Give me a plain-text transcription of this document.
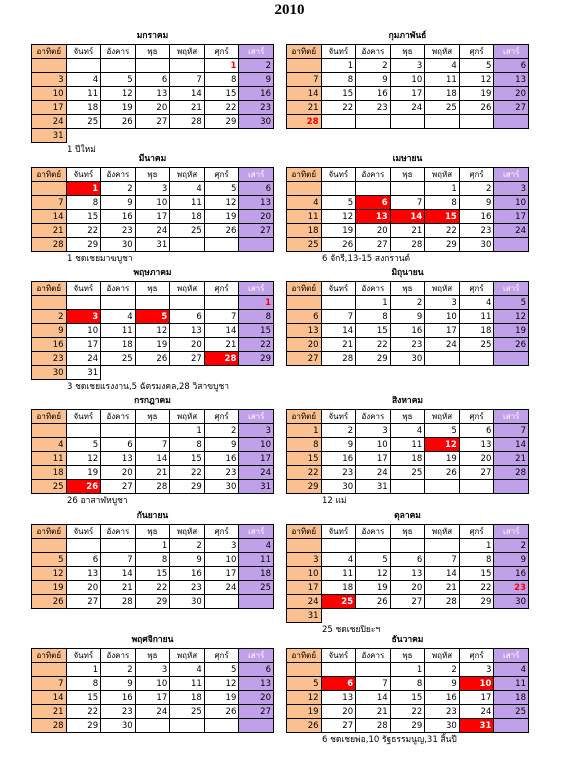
2010
มกราคม
อาทิตย์	จันทร์	อังคาร	พุธ	พฤหัส	ศุกร์	เสาร์
					1	2
3	4	5	6	7	8	9
10	11	12	13	14	15	16
17	18	19	20	21	22	23
24	25	26	27	28	29	30
31						
1 ปีใหม่
กุมภาพันธ์
อาทิตย์	จันทร์	อังคาร	พุธ	พฤหัส	ศุกร์	เสาร์
	1	2	3	4	5	6
7	8	9	10	11	12	13
14	15	16	17	18	19	20
21	22	23	24	25	26	27
28						
มีนาคม
อาทิตย์	จันทร์	อังคาร	พุธ	พฤหัส	ศุกร์	เสาร์
	1	2	3	4	5	6
7	8	9	10	11	12	13
14	15	16	17	18	19	20
21	22	23	24	25	26	27
28	29	30	31			
1 ชดเชยมาฆบูชา
เมษายน
อาทิตย์	จันทร์	อังคาร	พุธ	พฤหัส	ศุกร์	เสาร์
				1	2	3
4	5	6	7	8	9	10
11	12	13	14	15	16	17
18	19	20	21	22	23	24
25	26	27	28	29	30	
6 จักรี,13-15 สงกรานต์
พฤษภาคม
อาทิตย์	จันทร์	อังคาร	พุธ	พฤหัส	ศุกร์	เสาร์
						1
2	3	4	5	6	7	8
9	10	11	12	13	14	15
16	17	18	19	20	21	22
23	24	25	26	27	28	29
30	31					
3 ชดเชยแรงงาน,5 ฉัตรมงคล,28 วิสาขบูชา
มิถุนายน
อาทิตย์	จันทร์	อังคาร	พุธ	พฤหัส	ศุกร์	เสาร์
		1	2	3	4	5
6	7	8	9	10	11	12
13	14	15	16	17	18	19
20	21	22	23	24	25	26
27	28	29	30			
กรกฎาคม
อาทิตย์	จันทร์	อังคาร	พุธ	พฤหัส	ศุกร์	เสาร์
				1	2	3
4	5	6	7	8	9	10
11	12	13	14	15	16	17
18	19	20	21	22	23	24
25	26	27	28	29	30	31
26 อาสาฬหบูชา
สิงหาคม
อาทิตย์	จันทร์	อังคาร	พุธ	พฤหัส	ศุกร์	เสาร์
1	2	3	4	5	6	7
8	9	10	11	12	13	14
15	16	17	18	19	20	21
22	23	24	25	26	27	28
29	30	31				
12 แม่
กันยายน
อาทิตย์	จันทร์	อังคาร	พุธ	พฤหัส	ศุกร์	เสาร์
			1	2	3	4
5	6	7	8	9	10	11
12	13	14	15	16	17	18
19	20	21	22	23	24	25
26	27	28	29	30		
ตุลาคม
อาทิตย์	จันทร์	อังคาร	พุธ	พฤหัส	ศุกร์	เสาร์
					1	2
3	4	5	6	7	8	9
10	11	12	13	14	15	16
17	18	19	20	21	22	23
24	25	26	27	28	29	30
31						
25 ชดเชยปิยะฯ
พฤศจิกายน
อาทิตย์	จันทร์	อังคาร	พุธ	พฤหัส	ศุกร์	เสาร์
	1	2	3	4	5	6
7	8	9	10	11	12	13
14	15	16	17	18	19	20
21	22	23	24	25	26	27
28	29	30				
ธันวาคม
อาทิตย์	จันทร์	อังคาร	พุธ	พฤหัส	ศุกร์	เสาร์
			1	2	3	4
5	6	7	8	9	10	11
12	13	14	15	16	17	18
19	20	21	22	23	24	25
26	27	28	29	30	31	
6 ชดเชยพ่อ,10 รัฐธรรมนูญ,31 สิ้นปี
